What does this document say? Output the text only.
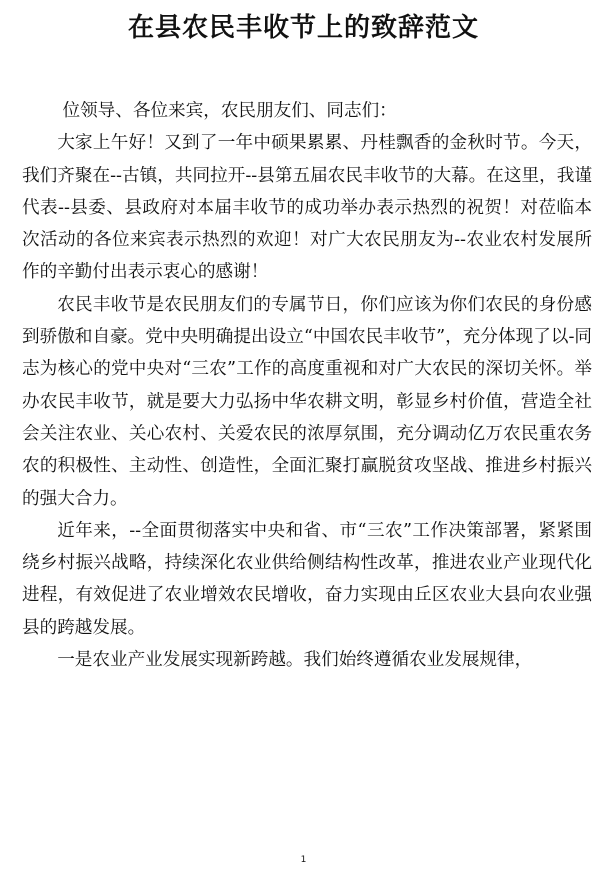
在县农民丰收节上的致辞范文

位领导、各位来宾，农民朋友们、同志们：

大家上午好！又到了一年中硕果累累、丹桂飘香的金秋时节。今天，我们齐聚在--古镇，共同拉开--县第五届农民丰收节的大幕。在这里，我谨代表--县委、县政府对本届丰收节的成功举办表示热烈的祝贺！对莅临本次活动的各位来宾表示热烈的欢迎！对广大农民朋友为--农业农村发展所作的辛勤付出表示衷心的感谢！

农民丰收节是农民朋友们的专属节日，你们应该为你们农民的身份感到骄傲和自豪。党中央明确提出设立“中国农民丰收节”，充分体现了以-同志为核心的党中央对“三农”工作的高度重视和对广大农民的深切关怀。举办农民丰收节，就是要大力弘扬中华农耕文明，彰显乡村价值，营造全社会关注农业、关心农村、关爱农民的浓厚氛围，充分调动亿万农民重农务农的积极性、主动性、创造性，全面汇聚打赢脱贫攻坚战、推进乡村振兴的强大合力。

近年来，--全面贯彻落实中央和省、市“三农”工作决策部署，紧紧围绕乡村振兴战略，持续深化农业供给侧结构性改革，推进农业产业现代化进程，有效促进了农业增效农民增收，奋力实现由丘区农业大县向农业强县的跨越发展。

一是农业产业发展实现新跨越。我们始终遵循农业发展规律，

1
